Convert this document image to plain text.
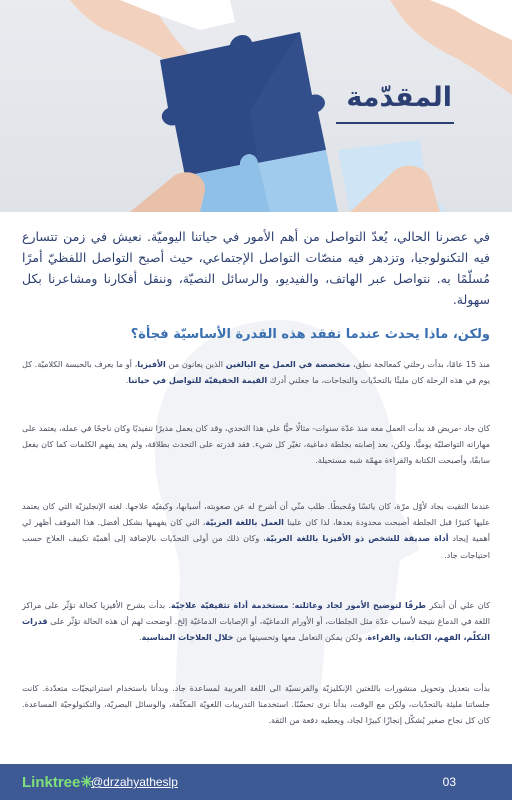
المقدّمة

في عصرنا الحالي، يُعدّ التواصل من أهم الأمور في حياتنا اليوميّة. نعيش في زمن تتسارع فيه التكنولوجيا، وتزدهر فيه منصّات التواصل الإجتماعي، حيث أصبح التواصل اللفظيّ أمرًا مُسلّمًا به. نتواصل عبر الهاتف، والفيديو، والرسائل النصيّة، وننقل أفكارنا ومشاعرنا بكل سهولة.

ولكن، ماذا يحدث عندما تفقد هذه القدرة الأساسيّة فجأة؟

منذ 15 عامًا، بدأت رحلتي كمعالجة نطق، متخصصة في العمل مع البالغين الذين يعانون من الأفيزيا، أو ما يعرف بالحبسة الكلاميّة. كل يوم في هذه الرحلة كان مليئًا بالتحدّيات والنجاحات، ما جعلني أدرك القيمة الحقيقيّة للتواصل في حياتنا.

كان جاد -مريض قد بدأت العمل معه منذ عدّة سنوات- مثالًا حيًّا على هذا التحدي، وقد كان يعمل مديرًا تنفيذيًا وكان ناجحًا في عمله، يعتمد على مهاراته التواصليّة يوميًّا. ولكن، بعد إصابته بجلطة دماغية، تغيّر كل شيء. فقد قدرته على التحدث بطلاقة، ولم يعد يفهم الكلمات كما كان يفعل سابقًا، وأصبحت الكتابة والقراءة مهمّة شبه مستحيلة.

عندما التقيت بجاد لأوّل مرّة، كان يائسًا ومُحبطًا. طلب منّي أن أشرح له عن صعوبته، أسبابها، وكيفيّة علاجها. لغته الإنجليزيّة التي كان يعتمد عليها كثيرًا قبل الجلطة أصبحت محدودة بعدها، لذا كان علينا العمل باللغة العربيّة، التي كان يفهمها بشكل أفضل. هذا الموقف أظهر لي أهمية إيجاد أداة صديقة للشخص ذو الأفيزيا باللغة العربيّة، وكان ذلك من أولى التحدّيات بالإضافة إلى أهميّة تكييف العلاج حسب احتياجات جاد.

كان علي أن أبتكر طرقًا لتوضيح الأمور لجاد وعائلته؛ مستخدمة أداة تثقيفيّة علاجيّة. بدأت بشرح الأفيزيا كحالة تؤثّر على مراكز اللغة في الدماغ نتيجة لأسباب عدّة مثل الجلطات، أو الأورام الدماغيّة، أو الإصابات الدماغيّة إلخ. أوضحت لهم أن هذه الحالة تؤثّر على قدرات التكلّم، الفهم، الكتابة، والقراءة، ولكن يمكن التعامل معها وتحسينها من خلال العلاجات المناسبة.

بدأت بتعديل وتحويل منشورات باللغتين الإنكليزيّة والفرنسيّة الى اللغة العربية لمساعدة جاد. وبدأنا باستخدام استراتيجيّات متعدّدة. كانت جلساتنا مليئة بالتحدّيات، ولكن مع الوقت، بدأنا نرى تحسّنًا. استخدمنا التدريبات اللغويّة المكثّفة، والوسائل البصريّة، والتكنولوجيّة المساعدة. كان كل نجاح صغير يُشكّل إنجازًا كبيرًا لجاد، ويعطيه دفعة من الثقة.

Linktree✳
@drzahyatheslp	03
